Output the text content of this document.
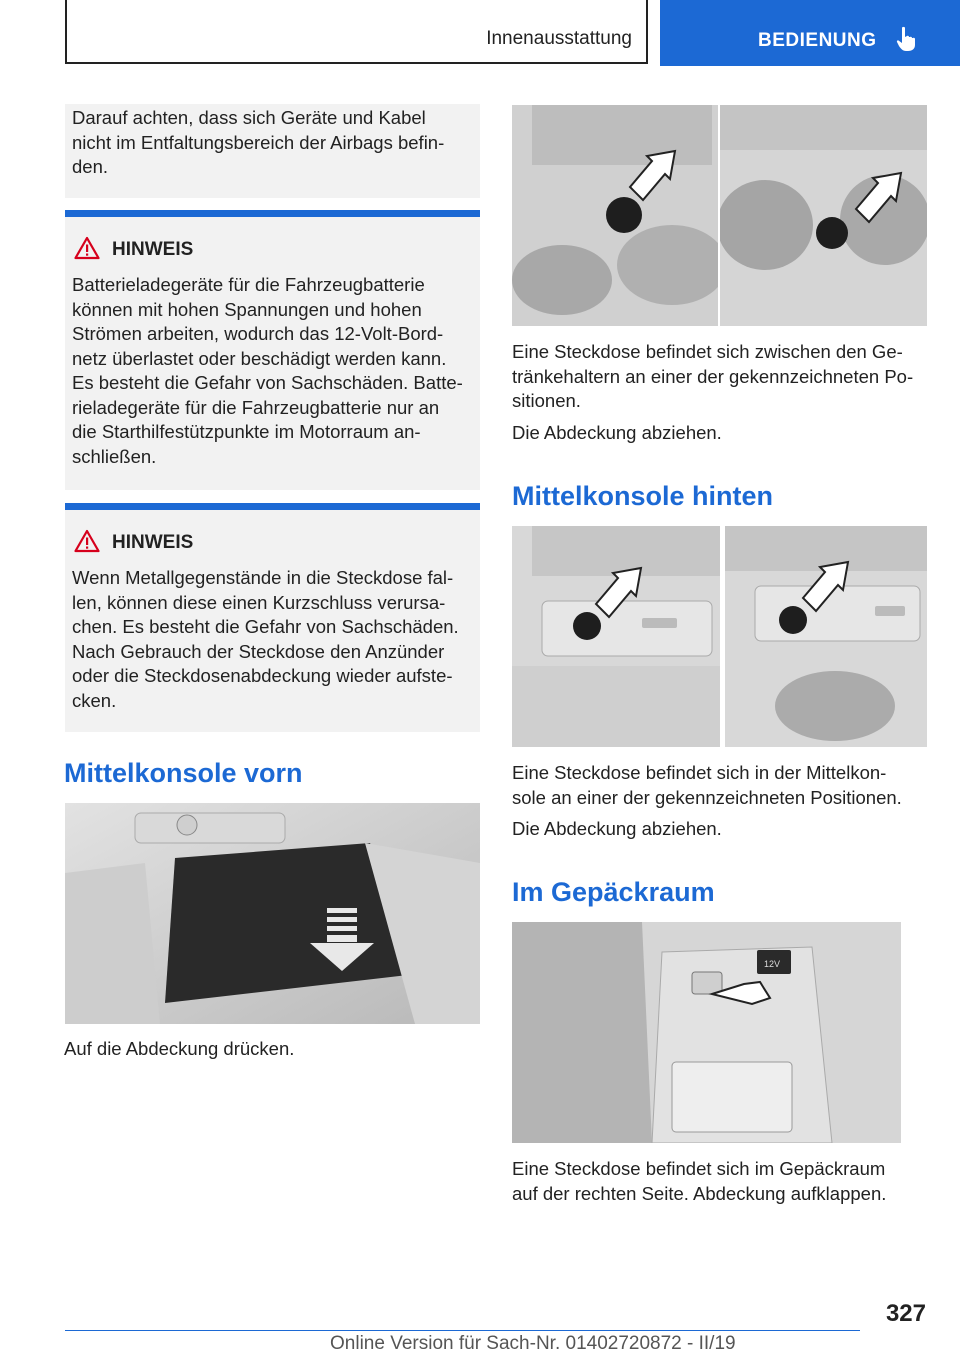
Innenausstattung	BEDIENUNG

Darauf achten, dass sich Geräte und Kabel

nicht im Entfaltungsbereich der Airbags befin-

den.

HINWEIS

Batterieladegeräte für die Fahrzeugbatterie

können mit hohen Spannungen und hohen

Strömen arbeiten, wodurch das 12-Volt-Bord-

netz überlastet oder beschädigt werden kann.

Es besteht die Gefahr von Sachschäden. Batte-

rieladegeräte für die Fahrzeugbatterie nur an

die Starthilfestützpunkte im Motorraum an-

schließen.

HINWEIS

Wenn Metallgegenstände in die Steckdose fal-

len, können diese einen Kurzschluss verursa-

chen. Es besteht die Gefahr von Sachschäden.

Nach Gebrauch der Steckdose den Anzünder

oder die Steckdosenabdeckung wieder aufste-

cken.

Mittelkonsole vorn

Auf die Abdeckung drücken.

Eine Steckdose befindet sich zwischen den Ge-

tränkehaltern an einer der gekennzeichneten Po-

sitionen.

Die Abdeckung abziehen.

Mittelkonsole hinten

Eine Steckdose befindet sich in der Mittelkon-

sole an einer der gekennzeichneten Positionen.

Die Abdeckung abziehen.

Im Gepäckraum
12V

Eine Steckdose befindet sich im Gepäckraum

auf der rechten Seite. Abdeckung aufklappen.

327
Online Version für Sach-Nr. 01402720872 - II/19
